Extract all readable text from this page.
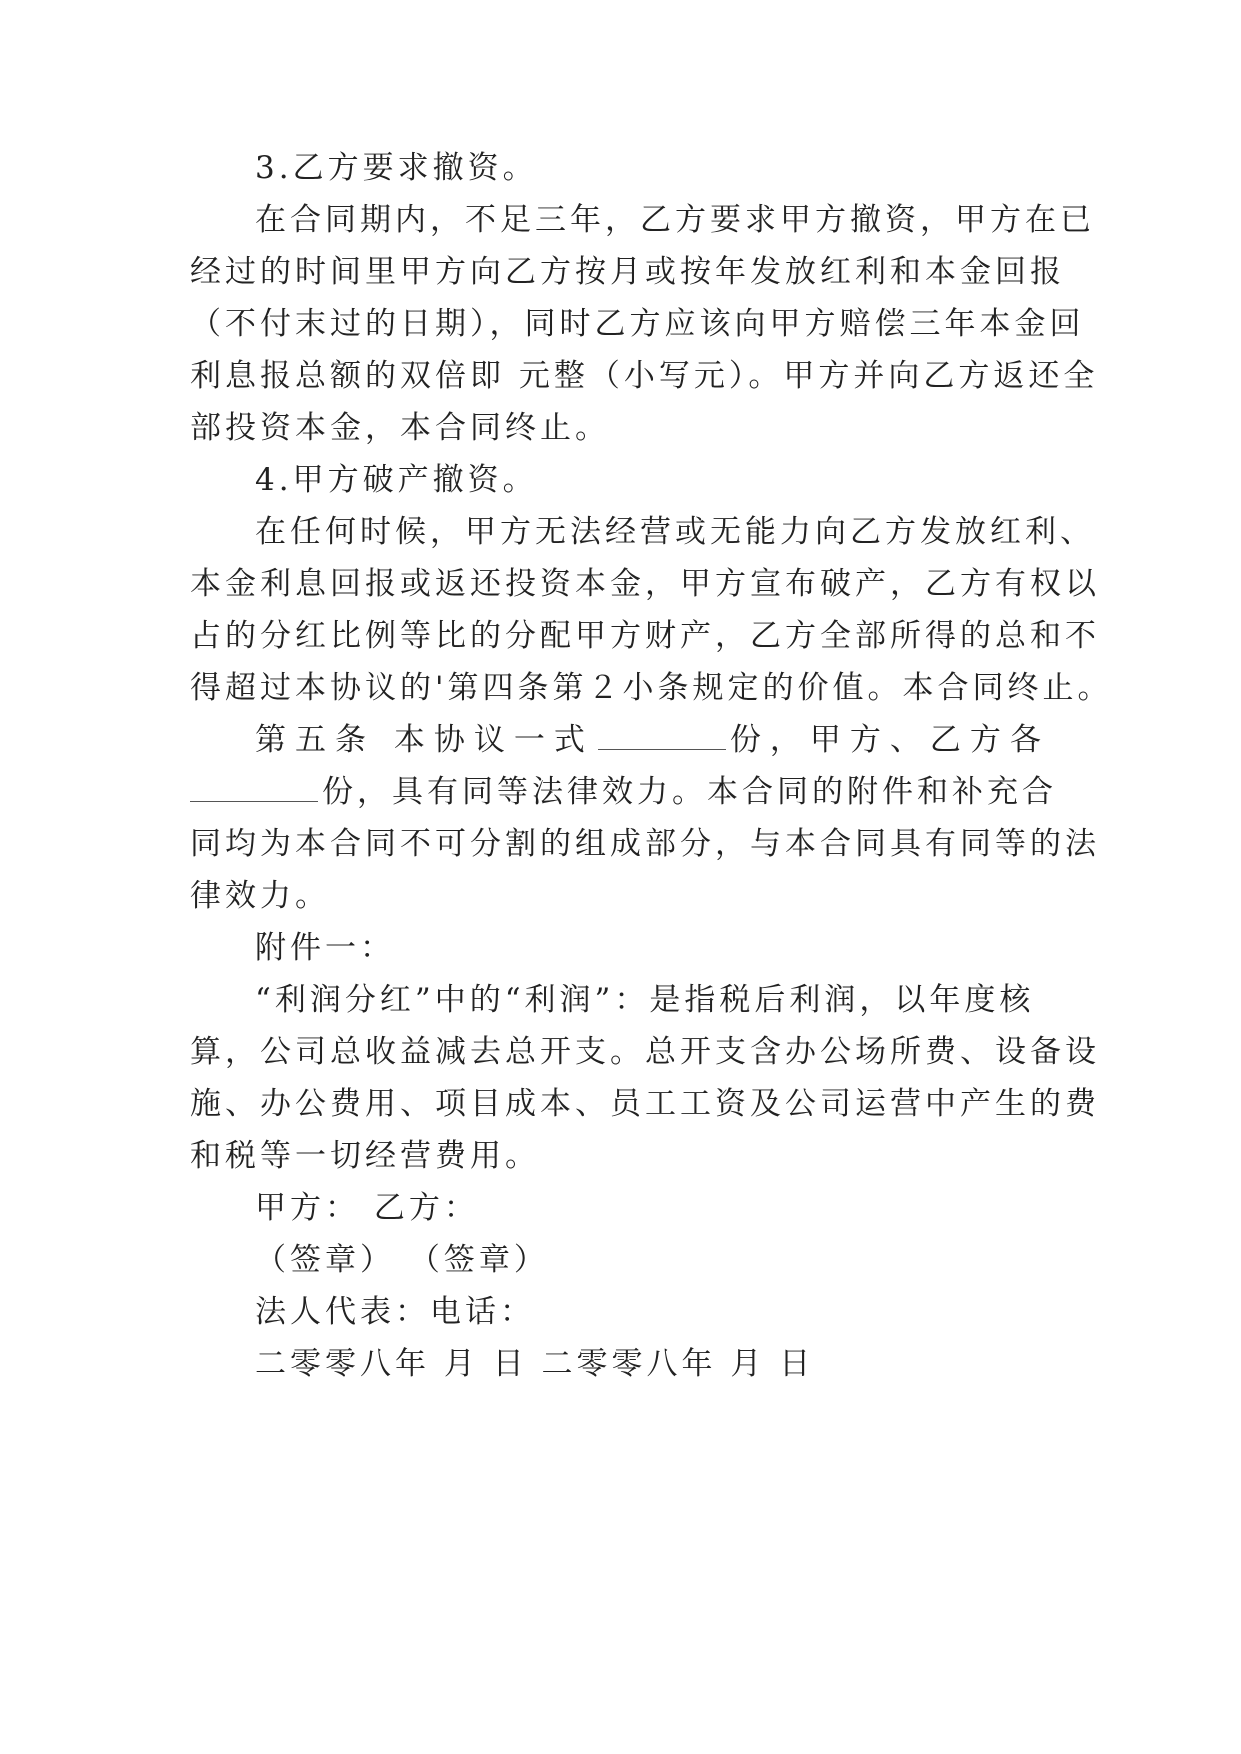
3.乙方要求撤资。
在合同期内，不足三年，乙方要求甲方撤资，甲方在已
经过的时间里甲方向乙方按月或按年发放红利和本金回报
（不付末过的日期），同时乙方应该向甲方赔偿三年本金回
利息报总额的双倍即 元整（小写元）。甲方并向乙方返还全
部投资本金，本合同终止。
4.甲方破产撤资。
在任何时候，甲方无法经营或无能力向乙方发放红利、
本金利息回报或返还投资本金，甲方宣布破产，乙方有权以
占的分红比例等比的分配甲方财产，乙方全部所得的总和不
得超过本协议的'第四条第２小条规定的价值。本合同终止。
第五条 本协议一式	份，甲方、乙方各
份，具有同等法律效力。本合同的附件和补充合
同均为本合同不可分割的组成部分，与本合同具有同等的法
律效力。
附件一：
“利润分红”中的“利润”：是指税后利润，以年度核
算，公司总收益减去总开支。总开支含办公场所费、设备设
施、办公费用、项目成本、员工工资及公司运营中产生的费
和税等一切经营费用。
甲方： 乙方：
（签章） （签章）
法人代表：电话：
二零零八年 月 日 二零零八年 月 日
